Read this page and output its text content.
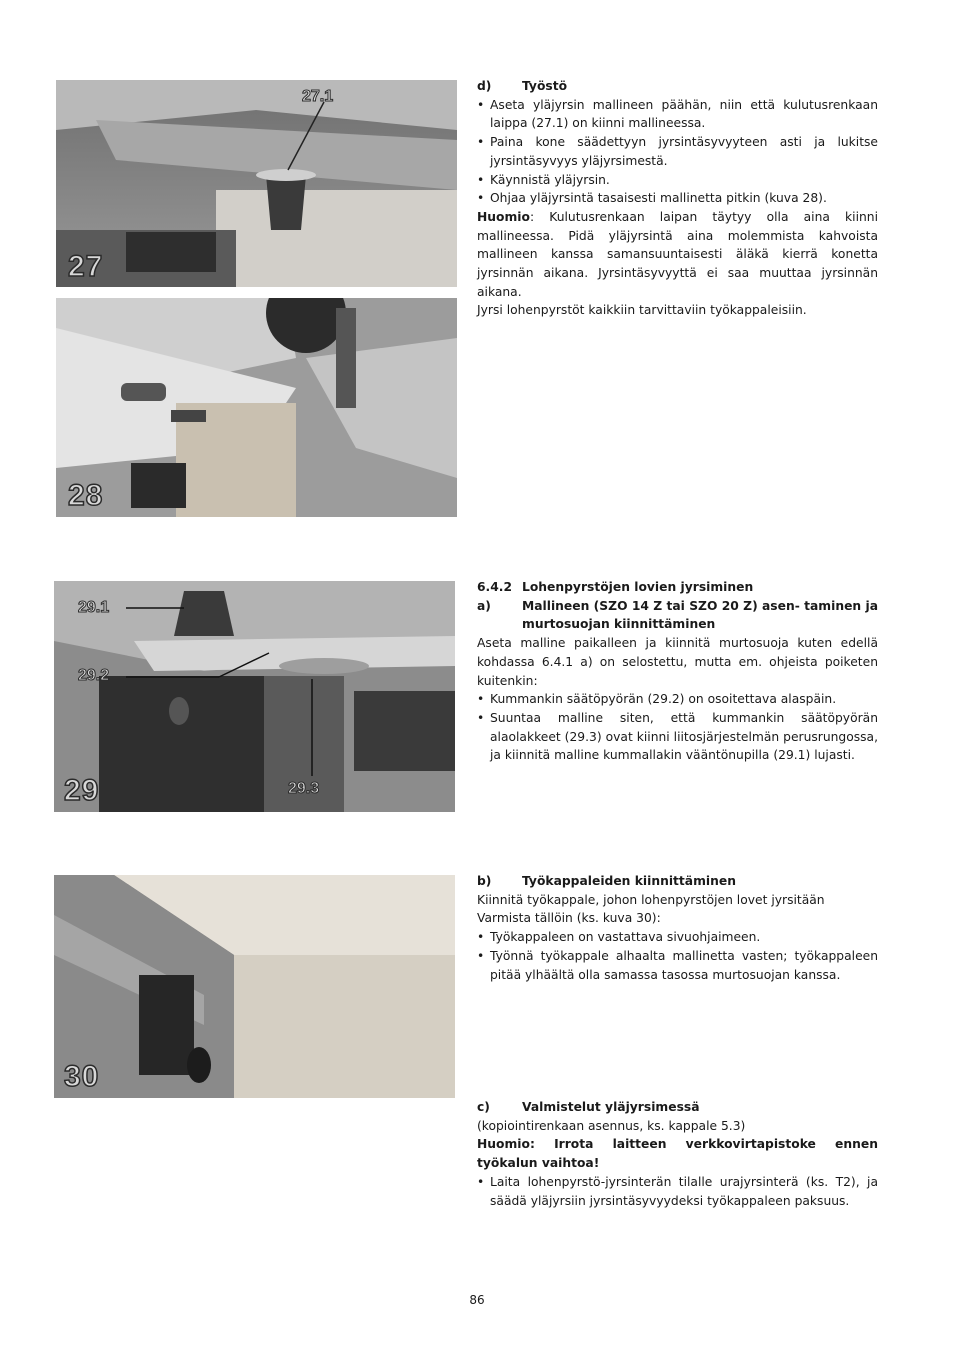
27.1
27
28
29.1
29.2
29.3
29
30
d)	Työstö
• Aseta yläjyrsin mallineen päähän, niin että kulutusrenkaan laippa (27.1) on kiinni mallineessa.
• Paina kone säädettyyn jyrsintäsyvyyteen asti ja lukitse jyrsintäsyvyys yläjyrsimestä.
• Käynnistä yläjyrsin.
• Ohjaa yläjyrsintä tasaisesti mallinetta pitkin (kuva 28).

Huomio: Kulutusrenkaan laipan täytyy olla aina kiinni mallineessa. Pidä yläjyrsintä aina molemmista kahvoista mallineen kanssa samansuuntaisesti äläkä kierrä konetta jyrsinnän aikana. Jyrsintäsyvyyttä ei saa muuttaa jyrsinnän aikana.

Jyrsi lohenpyrstöt kaikkiin tarvittaviin työkappaleisiin.

6.4.2 Lohenpyrstöjen lovien jyrsiminen
a)	Mallineen (SZO 14 Z tai SZO 20 Z) asen- taminen ja murtosuojan kiinnittäminen

Aseta malline paikalleen ja kiinnitä murtosuoja kuten edellä kohdassa 6.4.1 a) on selostettu, mutta em. ohjeista poiketen kuitenkin:

• Kummankin säätöpyörän (29.2) on osoitettava alaspäin.
• Suuntaa malline siten, että kummankin säätöpyörän alaolakkeet (29.3) ovat kiinni liitosjärjestelmän perusrungossa, ja kiinnitä malline kummallakin vääntönupilla (29.1) lujasti.
b)	Työkappaleiden kiinnittäminen

Kiinnitä työkappale, johon lohenpyrstöjen lovet jyrsitään Varmista tällöin (ks. kuva 30):

• Työkappaleen on vastattava sivuohjaimeen.
• Työnnä työkappale alhaalta mallinetta vasten; työkappaleen pitää ylhäältä olla samassa tasossa murtosuojan kanssa.
c)	Valmistelut yläjyrsimessä

(kopiointirenkaan asennus, ks. kappale 5.3)

Huomio: Irrota laitteen verkkovirtapistoke ennen työkalun vaihtoa!

• Laita lohenpyrstö-jyrsinterän tilalle urajyrsinterä (ks. T2), ja säädä yläjyrsiin jyrsintäsyvyydeksi työkappaleen paksuus.
86
